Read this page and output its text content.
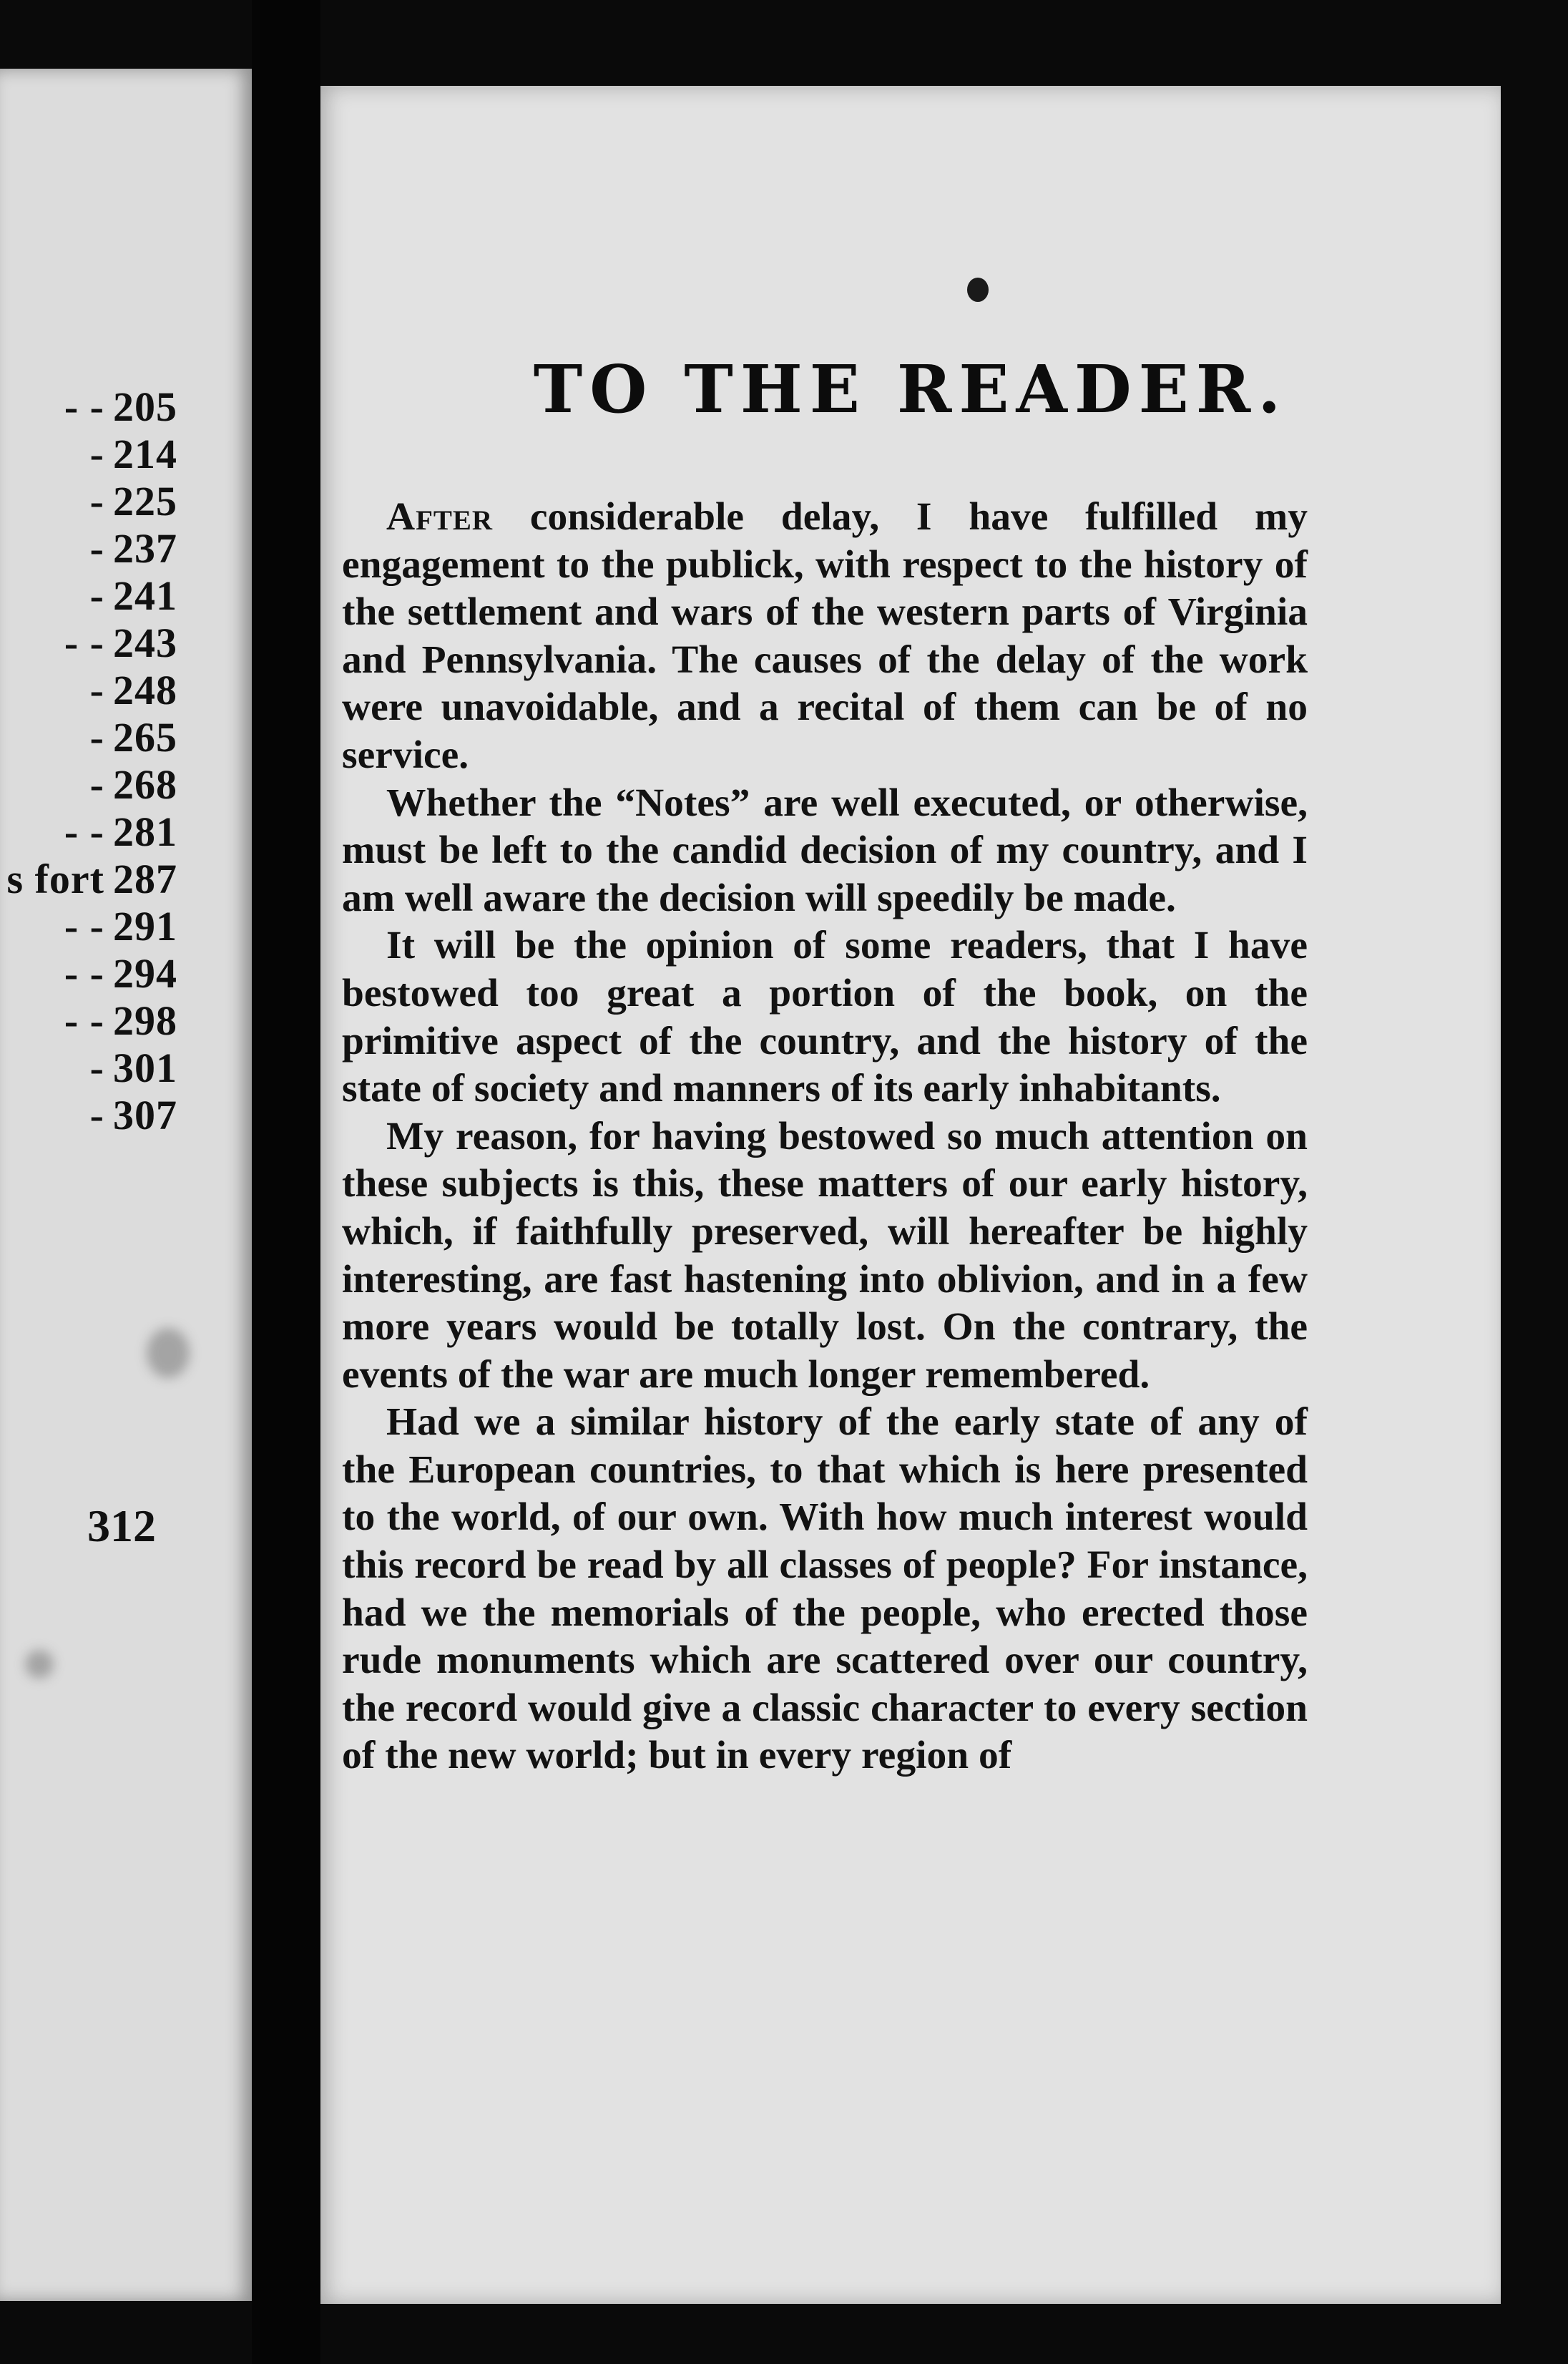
- - 205
- 214
- 225
- 237
- 241
- - 243
- 248
- 265
- 268
- - 281
s fort 287
- - 291
- - 294
- - 298
- 301
- 307
312
TO THE READER.

After considerable delay, I have fulfilled my engagement to the publick, with respect to the history of the settlement and wars of the western parts of Virginia and Pennsylvania. The causes of the delay of the work were unavoidable, and a recital of them can be of no service.

Whether the “Notes” are well executed, or otherwise, must be left to the candid decision of my country, and I am well aware the decision will speedily be made.

It will be the opinion of some readers, that I have bestowed too great a portion of the book, on the primitive aspect of the country, and the history of the state of society and manners of its early inhabitants.

My reason, for having bestowed so much attention on these subjects is this, these matters of our early history, which, if faithfully preserved, will hereafter be highly interesting, are fast hastening into oblivion, and in a few more years would be totally lost. On the contrary, the events of the war are much longer remembered.

Had we a similar history of the early state of any of the European countries, to that which is here presented to the world, of our own. With how much interest would this record be read by all classes of people? For instance, had we the memorials of the people, who erected those rude monuments which are scattered over our country, the record would give a classic character to every section of the new world; but in every region of
